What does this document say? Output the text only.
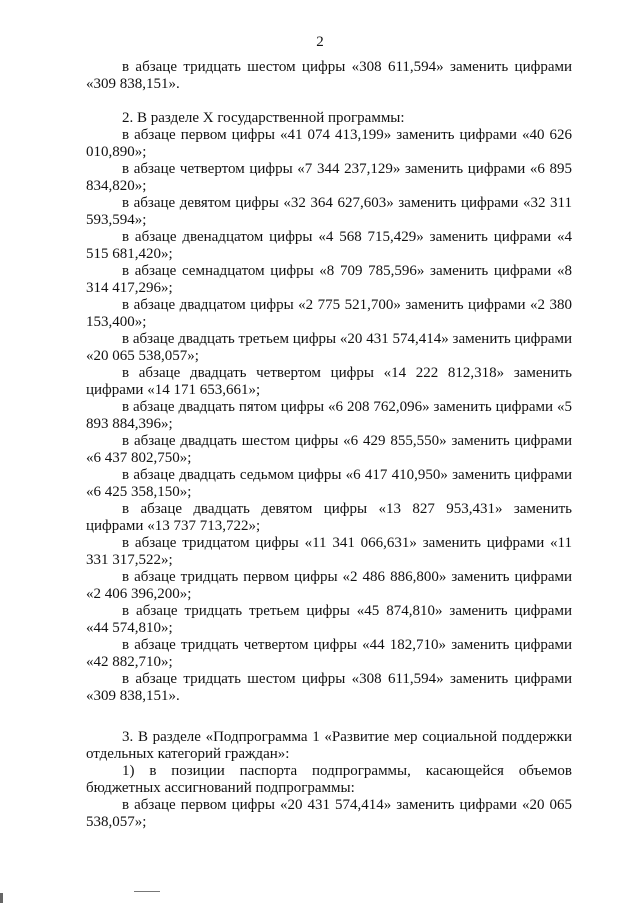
2

в абзаце тридцать шестом цифры «308 611,594» заменить цифрами «309 838,151».

2. В разделе X государственной программы:

в абзаце первом цифры «41 074 413,199» заменить цифрами «40 626 010,890»;

в абзаце четвертом цифры «7 344 237,129» заменить цифрами «6 895 834,820»;

в абзаце девятом цифры «32 364 627,603» заменить цифрами «32 311 593,594»;

в абзаце двенадцатом цифры «4 568 715,429» заменить цифрами «4 515 681,420»;

в абзаце семнадцатом цифры «8 709 785,596» заменить цифрами «8 314 417,296»;

в абзаце двадцатом цифры «2 775 521,700» заменить цифрами «2 380 153,400»;

в абзаце двадцать третьем цифры «20 431 574,414» заменить цифрами «20 065 538,057»;

в абзаце двадцать четвертом цифры «14 222 812,318» заменить цифрами «14 171 653,661»;

в абзаце двадцать пятом цифры «6 208 762,096» заменить цифрами «5 893 884,396»;

в абзаце двадцать шестом цифры «6 429 855,550» заменить цифрами «6 437 802,750»;

в абзаце двадцать седьмом цифры «6 417 410,950» заменить цифрами «6 425 358,150»;

в абзаце двадцать девятом цифры «13 827 953,431» заменить цифрами «13 737 713,722»;

в абзаце тридцатом цифры «11 341 066,631» заменить цифрами «11 331 317,522»;

в абзаце тридцать первом цифры «2 486 886,800» заменить цифрами «2 406 396,200»;

в абзаце тридцать третьем цифры «45 874,810» заменить цифрами «44 574,810»;

в абзаце тридцать четвертом цифры «44 182,710» заменить цифрами «42 882,710»;

в абзаце тридцать шестом цифры «308 611,594» заменить цифрами «309 838,151».

3. В разделе «Подпрограмма 1 «Развитие мер социальной поддержки отдельных категорий граждан»:

1) в позиции паспорта подпрограммы, касающейся объемов бюджетных ассигнований подпрограммы:

в абзаце первом цифры «20 431 574,414» заменить цифрами «20 065 538,057»;
